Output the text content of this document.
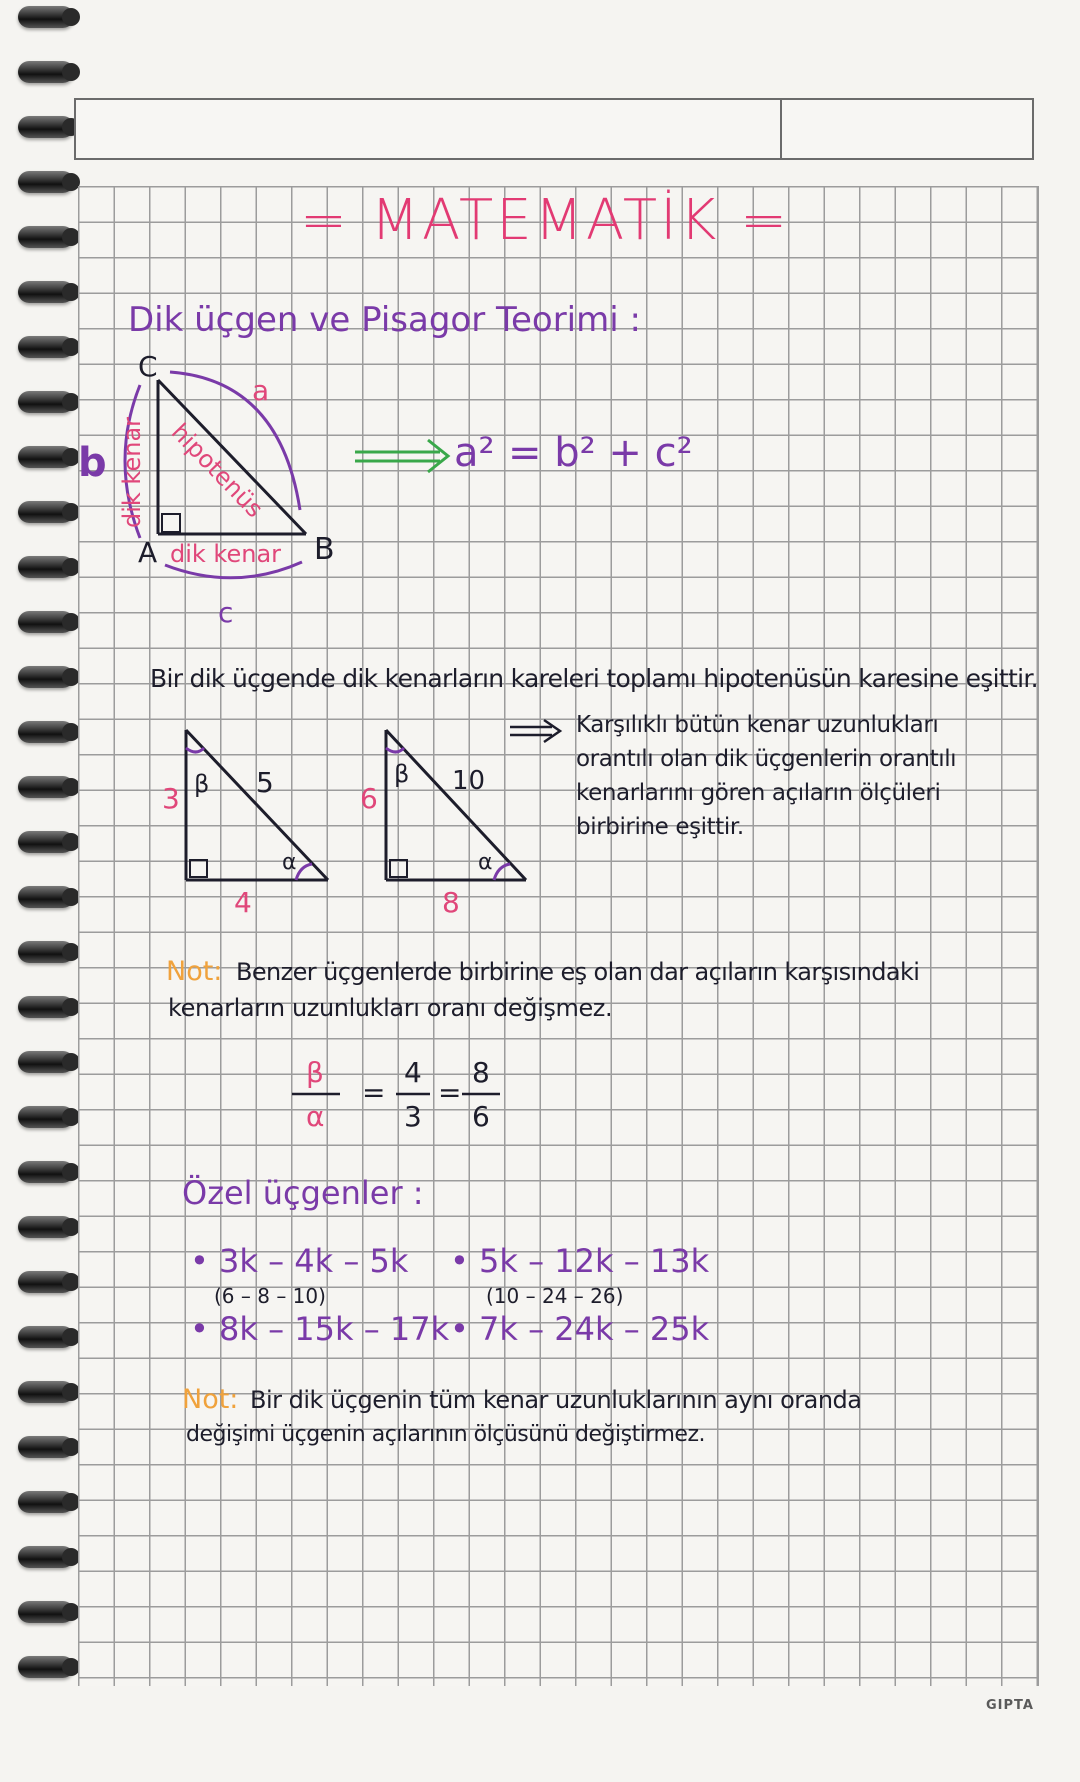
= MATEMATİK =
Dik üçgen ve Pisagor Teorimi :
C
A	B
a
hipotenüs
dik kenar
dik kenar
b
c
a² = b² + c²
Bir dik üçgende dik kenarların kareleri toplamı hipotenüsün karesine eşittir.
3	5
4
β
α
6
10
8
β
α
Karşılıklı bütün kenar uzunlukları
orantılı olan dik üçgenlerin orantılı
kenarlarını gören açıların ölçüleri
birbirine eşittir.
Not: Benzer üçgenlerde birbirine eş olan dar açıların karşısındaki
kenarların uzunlukları oranı değişmez.
β
α
=
4
3
=
8
6
Özel üçgenler :
• 3k – 4k – 5k
(6 – 8 – 10)
• 5k – 12k – 13k
(10 – 24 – 26)
• 8k – 15k – 17k • 7k – 24k – 25k
Not: Bir dik üçgenin tüm kenar uzunluklarının aynı oranda
değişimi üçgenin açılarının ölçüsünü değiştirmez.
GIPTA
